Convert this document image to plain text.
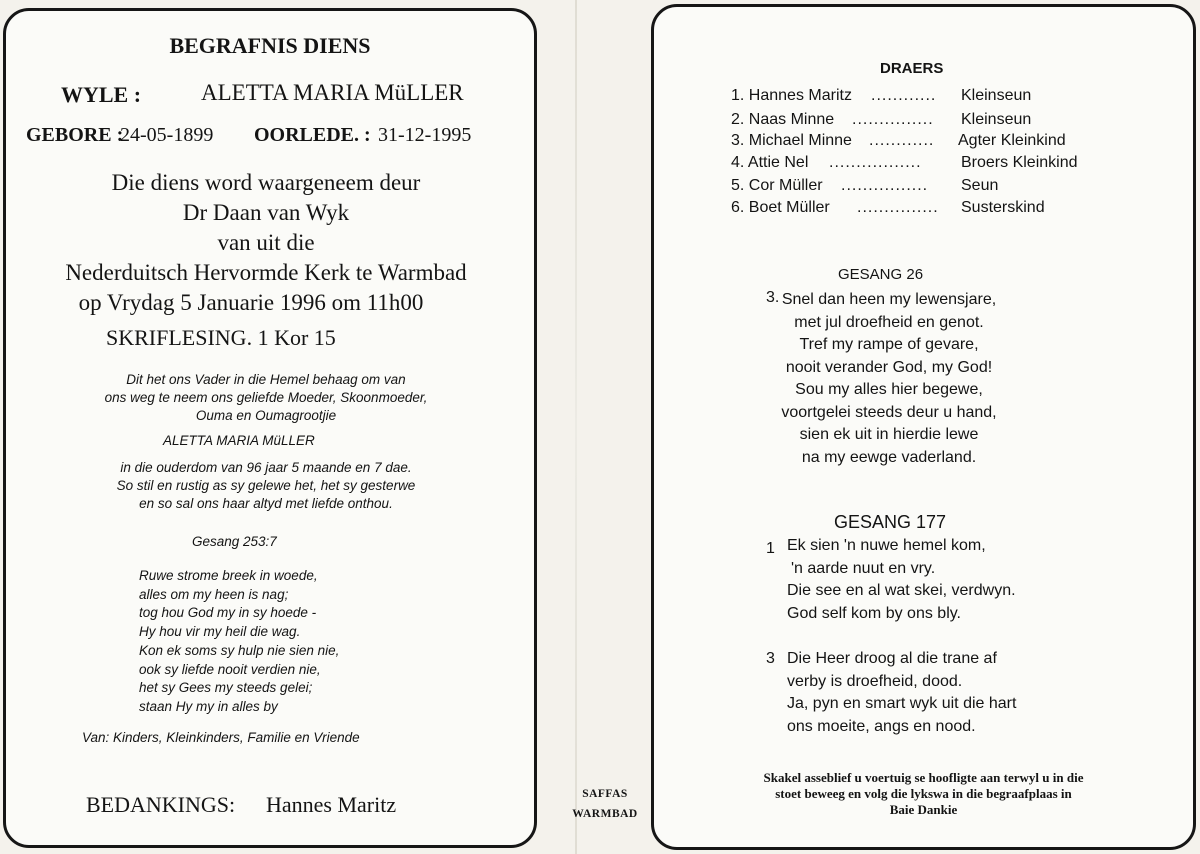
BEGRAFNIS DIENS
WYLE :	ALETTA MARIA MüLLER
GEBORE :
24-05-1899 OORLEDE. : 31-12-1995
Die diens word waargeneem deur
Dr Daan van Wyk
van uit die
Nederduitsch Hervormde Kerk te Warmbad
op Vrydag 5 Januarie 1996 om 11h00
SKRIFLESING. 1 Kor 15
Dit het ons Vader in die Hemel behaag om van
ons weg te neem ons geliefde Moeder, Skoonmoeder,
Ouma en Oumagrootjie
ALETTA MARIA MüLLER
in die ouderdom van 96 jaar 5 maande en 7 dae.
So stil en rustig as sy gelewe het, het sy gesterwe
en so sal ons haar altyd met liefde onthou.
Gesang 253:7
Ruwe strome breek in woede,
alles om my heen is nag;
tog hou God my in sy hoede -
Hy hou vir my heil die wag.
Kon ek soms sy hulp nie sien nie,
ook sy liefde nooit verdien nie,
het sy Gees my steeds gelei;
staan Hy my in alles by
Van: Kinders, Kleinkinders, Familie en Vriende
BEDANKINGS: Hannes Maritz	SAFFAS
WARMBAD
DRAERS
1. Hannes Maritz ............ Kleinseun
2. Naas Minne ............... Kleinseun
3. Michael Minne ............ Agter Kleinkind
4. Attie Nel ................. Broers Kleinkind
5. Cor Müller ................ Seun
6. Boet Müller ............... Susterskind
GESANG 26
3. Snel dan heen my lewensjare,
met jul droefheid en genot.
Tref my rampe of gevare,
nooit verander God, my God!
Sou my alles hier begewe,
voortgelei steeds deur u hand,
sien ek uit in hierdie lewe
na my eewge vaderland.
GESANG 177
1 Ek sien 'n nuwe hemel kom,
'n aarde nuut en vry.
Die see en al wat skei, verdwyn.
God self kom by ons bly.
3 Die Heer droog al die trane af
verby is droefheid, dood.
Ja, pyn en smart wyk uit die hart
ons moeite, angs en nood.
Skakel asseblief u voertuig se hoofligte aan terwyl u in die
stoet beweeg en volg die lykswa in die begraafplaas in
Baie Dankie
